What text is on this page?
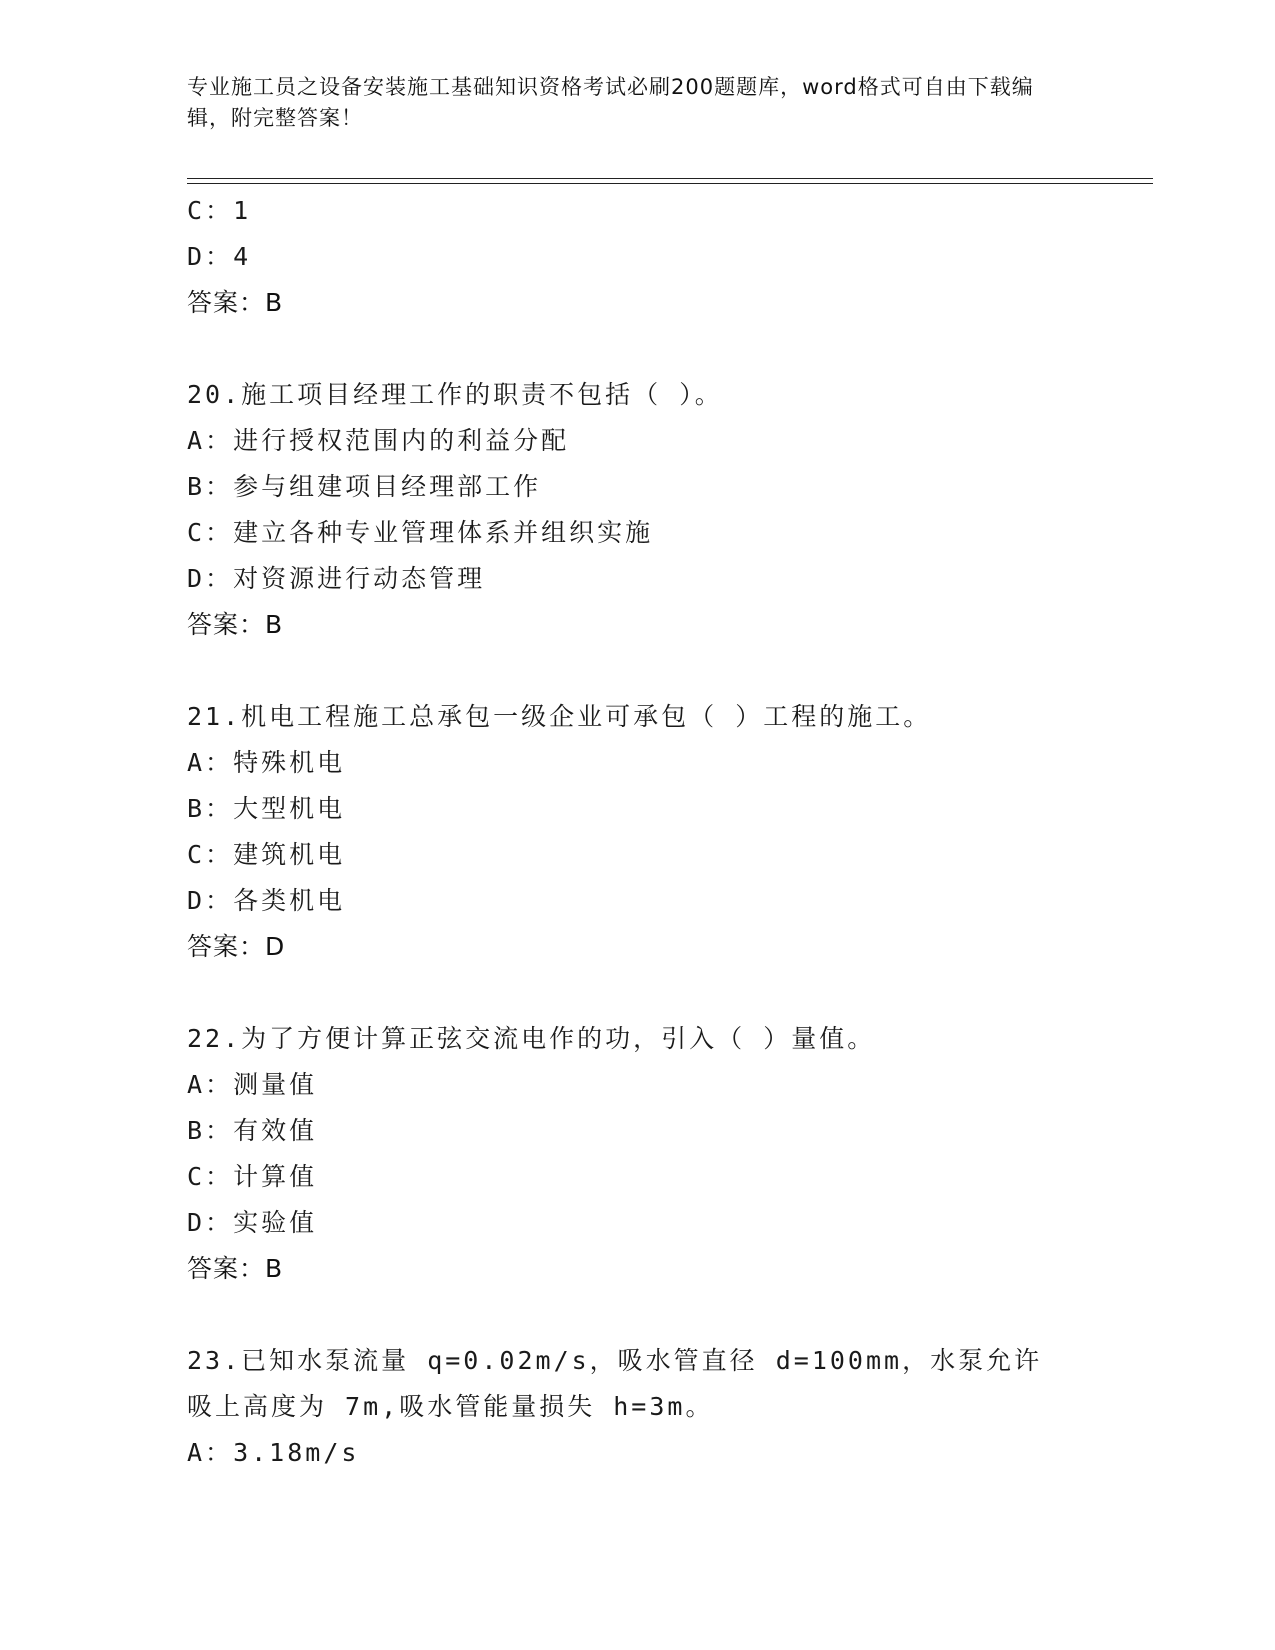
专业施工员之设备安装施工基础知识资格考试必刷200题题库，word格式可自由下载编辑，附完整答案！
C：1
D：4
答案：B
20.施工项目经理工作的职责不包括（ ）。
A：进行授权范围内的利益分配
B：参与组建项目经理部工作
C：建立各种专业管理体系并组织实施
D：对资源进行动态管理
答案：B
21.机电工程施工总承包一级企业可承包（ ）工程的施工。
A：特殊机电
B：大型机电
C：建筑机电
D：各类机电
答案：D
22.为了方便计算正弦交流电作的功，引入（ ）量值。
A：测量值
B：有效值
C：计算值
D：实验值
答案：B
23.已知水泵流量 q=0.02m/s，吸水管直径 d=100mm，水泵允许吸上高度为 7m,吸水管能量损失 h=3m。
A：3.18m/s
